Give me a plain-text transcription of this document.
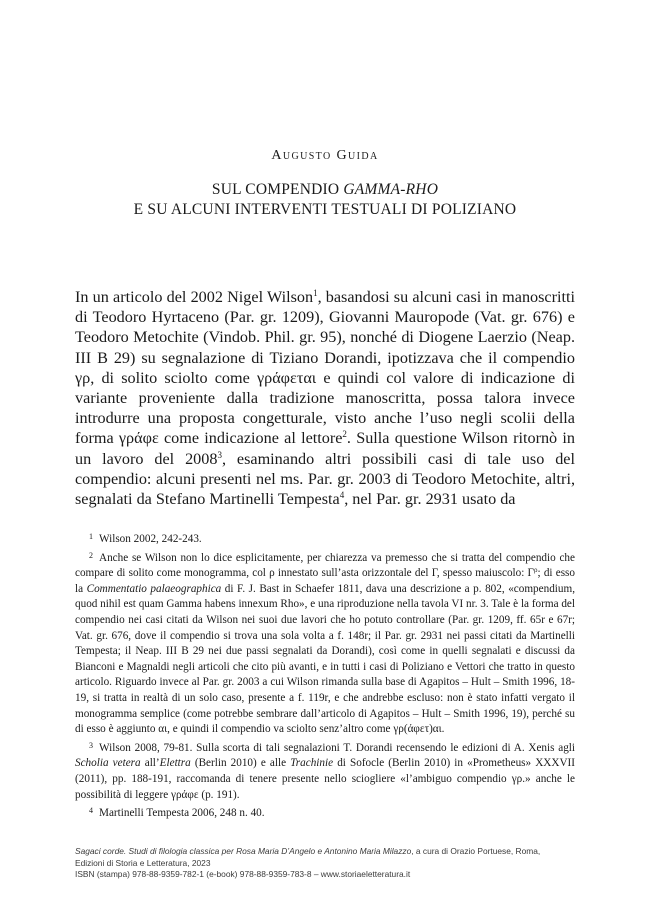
Augusto Guida
SUL COMPENDIO GAMMA-RHO
E SU ALCUNI INTERVENTI TESTUALI DI POLIZIANO

In un articolo del 2002 Nigel Wilson$^1$, basandosi su alcuni casi in manoscritti di Teodoro Hyrtaceno (Par. gr. 1209), Giovanni Mauropode (Vat. gr. 676) e Teodoro Metochite (Vindob. Phil. gr. 95), nonché di Diogene Laerzio (Neap. III B 29) su segnalazione di Tiziano Dorandi, ipotizzava che il compendio γρ, di solito sciolto come γράφεται e quindi col valore di indicazione di variante proveniente dalla tradizione manoscritta, possa talora invece introdurre una proposta congetturale, visto anche l’uso negli scolii della forma γράφε come indicazione al lettore$^2$. Sulla questione Wilson ritornò in un lavoro del 2008$^3$, esaminando altri possibili casi di tale uso del compendio: alcuni presenti nel ms. Par. gr. 2003 di Teodoro Metochite, altri, segnalati da Stefano Martinelli Tempesta$^4$, nel Par. gr. 2931 usato da

$^1$ Wilson 2002, 242-243.

$^2$ Anche se Wilson non lo dice esplicitamente, per chiarezza va premesso che si tratta del compendio che compare di solito come monogramma, col ρ innestato sull’asta orizzontale del Γ, spesso maiuscolo: $\Gamma^\rho$; di esso la Commentatio palaeographica di F. J. Bast in Schaefer 1811, dava una descrizione a p. 802, «compendium, quod nihil est quam Gamma habens innexum Rho», e una riproduzione nella tavola VI nr. 3. Tale è la forma del compendio nei casi citati da Wilson nei suoi due lavori che ho potuto controllare (Par. gr. 1209, ff. 65r e 67r; Vat. gr. 676, dove il compendio si trova una sola volta a f. 148r; il Par. gr. 2931 nei passi citati da Martinelli Tempesta; il Neap. III B 29 nei due passi segnalati da Dorandi), così come in quelli segnalati e discussi da Bianconi e Magnaldi negli articoli che cito più avanti, e in tutti i casi di Poliziano e Vettori che tratto in questo articolo. Riguardo invece al Par. gr. 2003 a cui Wilson rimanda sulla base di Agapitos – Hult – Smith 1996, 18-19, si tratta in realtà di un solo caso, presente a f. 119r, e che andrebbe escluso: non è stato infatti vergato il monogramma semplice (come potrebbe sembrare dall’articolo di Agapitos – Hult – Smith 1996, 19), perché su di esso è aggiunto αι, e quindi il compendio va sciolto senz’altro come γρ(άφετ)αι.

$^3$ Wilson 2008, 79-81. Sulla scorta di tali segnalazioni T. Dorandi recensendo le edizioni di A. Xenis agli Scholia vetera all’Elettra (Berlin 2010) e alle Trachinie di Sofocle (Berlin 2010) in «Prometheus» XXXVII (2011), pp. 188-191, raccomanda di tenere presente nello sciogliere «l’ambiguo compendio γρ.» anche le possibilità di leggere γράφε (p. 191).

$^4$ Martinelli Tempesta 2006, 248 n. 40.

Sagaci corde. Studi di filologia classica per Rosa Maria D’Angelo e Antonino Maria Milazzo, a cura di Orazio Portuese, Roma,
Edizioni di Storia e Letteratura, 2023
ISBN (stampa) 978-88-9359-782-1 (e-book) 978-88-9359-783-8 – www.storiaeletteratura.it
